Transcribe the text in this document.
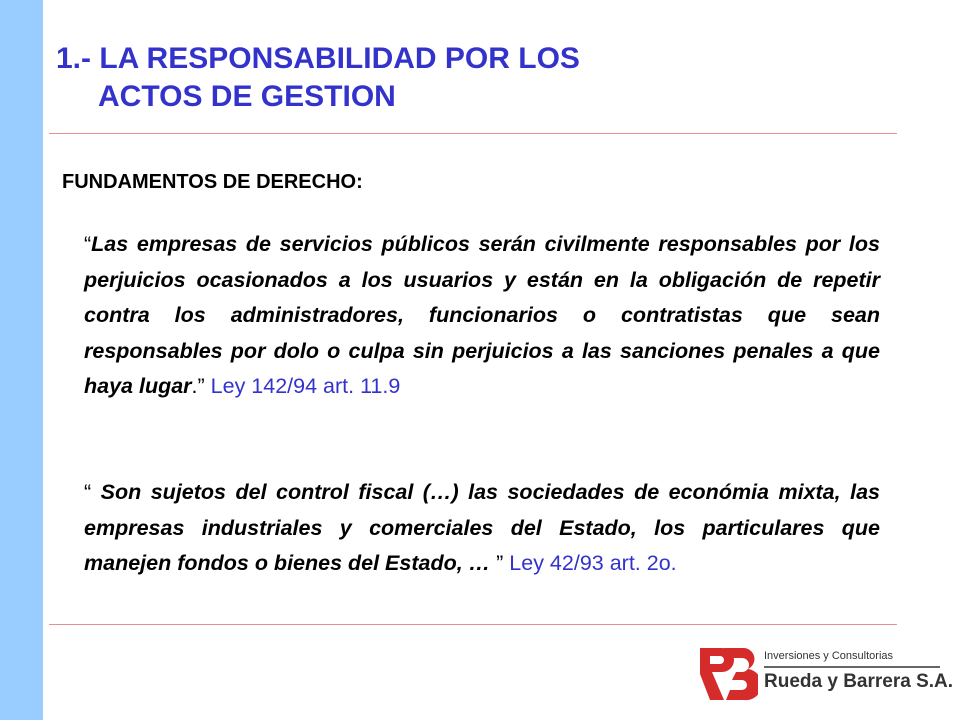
1.- LA RESPONSABILIDAD POR LOS
ACTOS DE GESTION
FUNDAMENTOS DE DERECHO:

“Las empresas de servicios públicos serán civilmente responsables por los perjuicios ocasionados a los usuarios y están en la obligación de repetir contra los administradores, funcionarios o contratistas que sean responsables por dolo o culpa sin perjuicios a las sanciones penales a que haya lugar.” Ley 142/94 art. 11.9

“ Son sujetos del control fiscal (…) las sociedades de económia mixta, las empresas industriales y comerciales del Estado, los particulares que manejen fondos o bienes del Estado, … ” Ley 42/93 art. 2o.

Inversiones y Consultorias
Rueda y Barrera S.A.
